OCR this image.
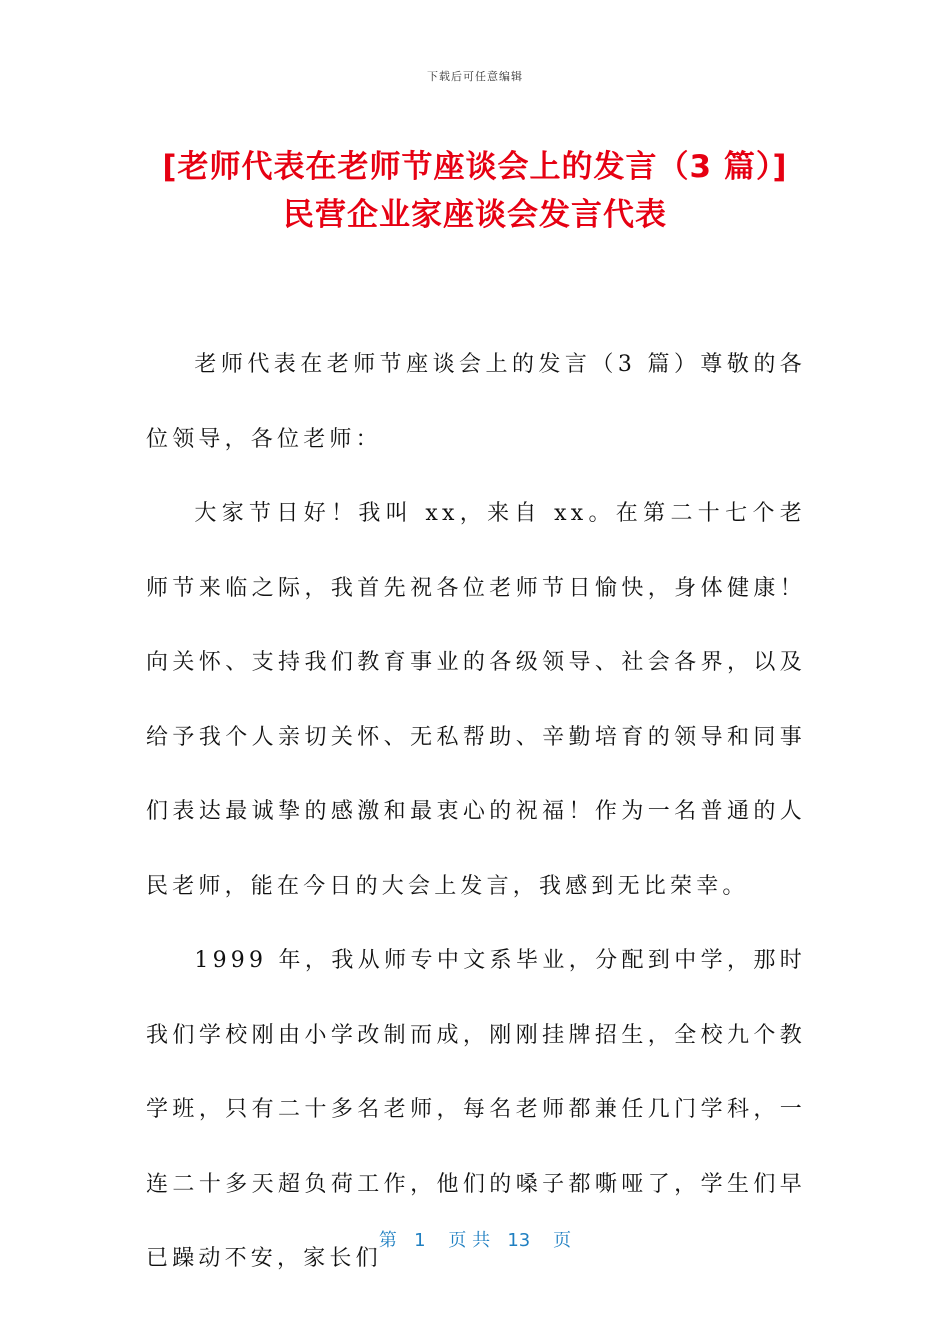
下载后可任意编辑
[老师代表在老师节座谈会上的发言（3 篇）]
民营企业家座谈会发言代表

老师代表在老师节座谈会上的发言（3 篇）尊敬的各位领导，各位老师：

大家节日好！我叫 xx，来自 xx。在第二十七个老师节来临之际，我首先祝各位老师节日愉快，身体健康！向关怀、支持我们教育事业的各级领导、社会各界，以及给予我个人亲切关怀、无私帮助、辛勤培育的领导和同事们表达最诚挚的感激和最衷心的祝福！作为一名普通的人民老师，能在今日的大会上发言，我感到无比荣幸。

1999 年，我从师专中文系毕业，分配到中学，那时我们学校刚由小学改制而成，刚刚挂牌招生，全校九个教学班，只有二十多名老师，每名老师都兼任几门学科，一连二十多天超负荷工作，他们的嗓子都嘶哑了，学生们早已躁动不安，家长们

第 1 页 共 13 页
